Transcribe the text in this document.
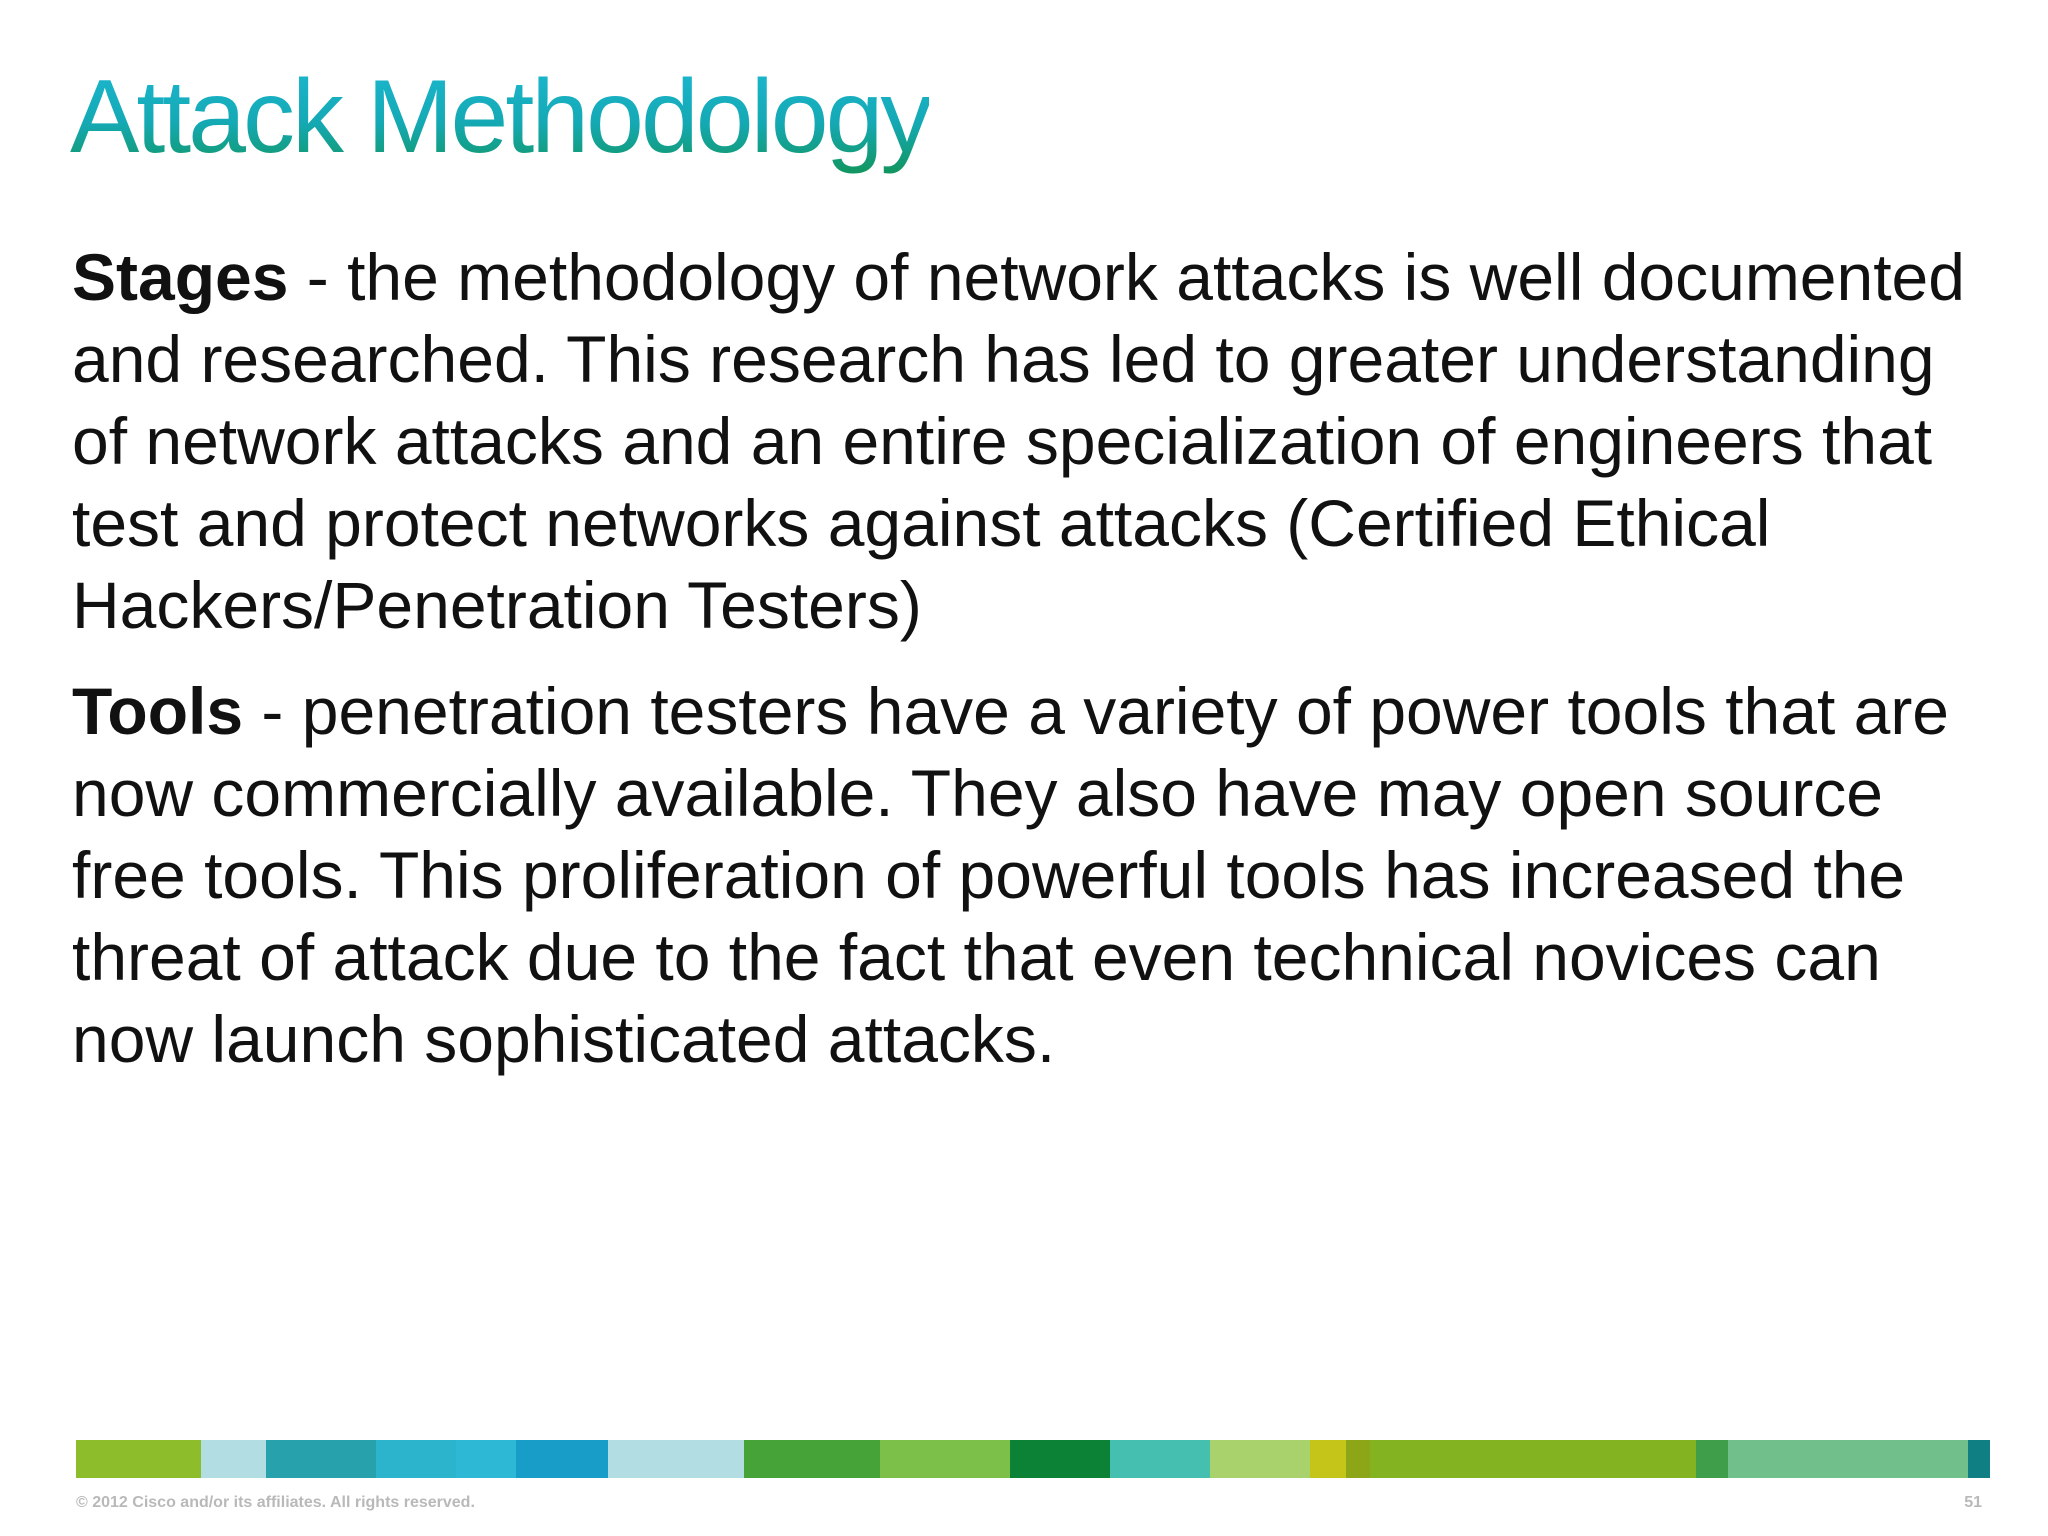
Attack Methodology

Stages - the methodology of network attacks is well documented and researched. This research has led to greater understanding of network attacks and an entire specialization of engineers that test and protect networks against attacks (Certified Ethical Hackers/Penetration Testers)

Tools - penetration testers have a variety of power tools that are now commercially available. They also have may open source free tools. This proliferation of powerful tools has increased the threat of attack due to the fact that even technical novices can now launch sophisticated attacks.

© 2012 Cisco and/or its affiliates. All rights reserved.	51
